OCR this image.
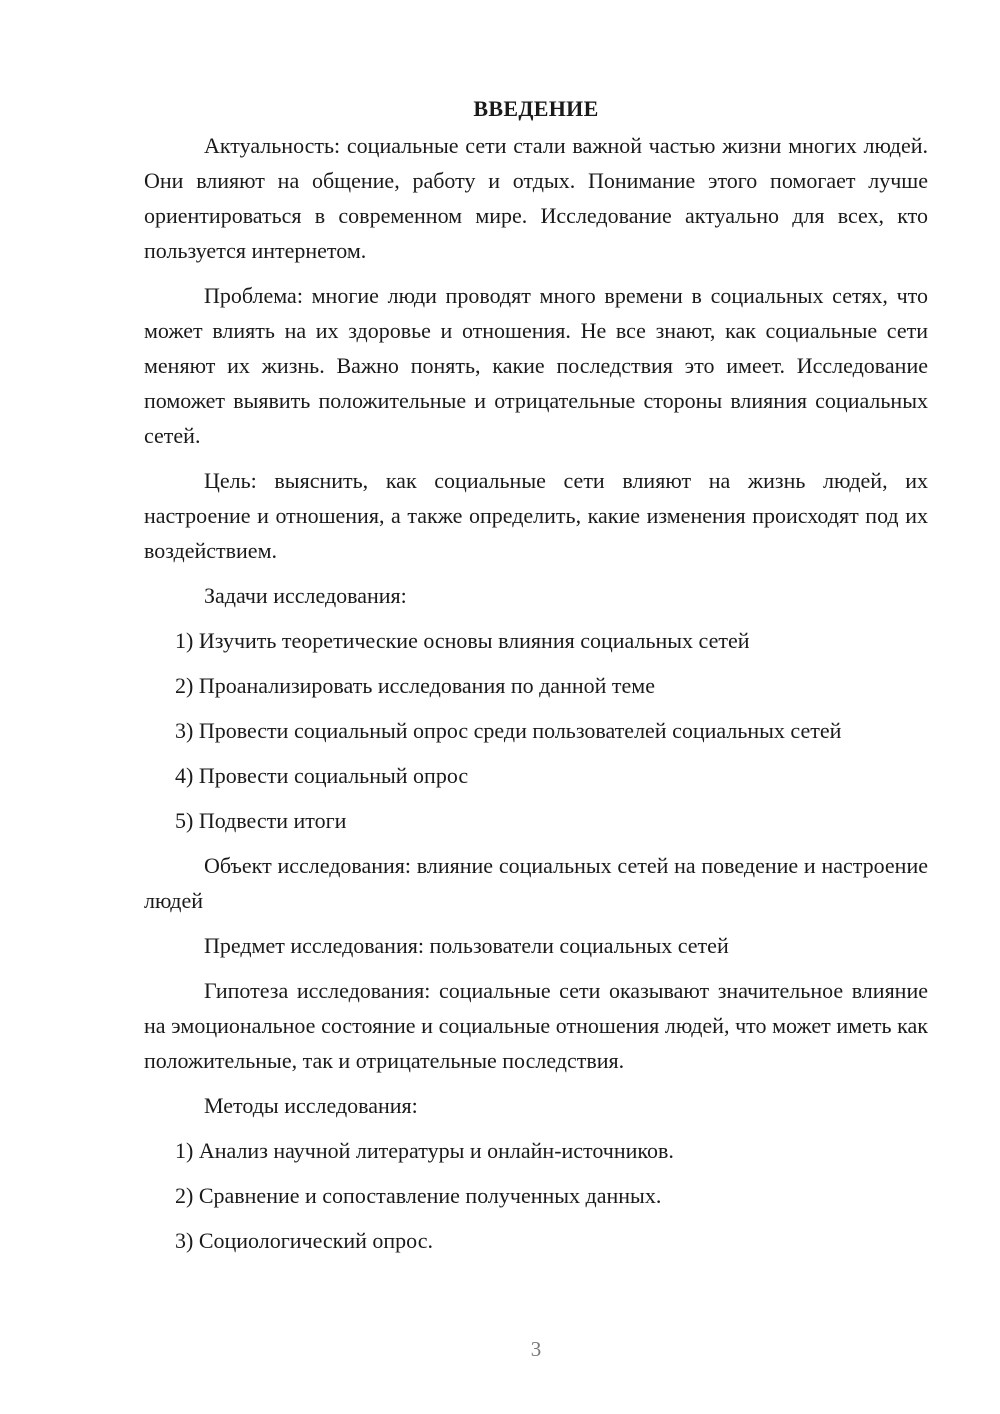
ВВЕДЕНИЕ

Актуальность: социальные сети стали важной частью жизни многих людей. Они влияют на общение, работу и отдых. Понимание этого помогает лучше ориентироваться в современном мире. Исследование актуально для всех, кто пользуется интернетом.

Проблема: многие люди проводят много времени в социальных сетях, что может влиять на их здоровье и отношения. Не все знают, как социальные сети меняют их жизнь. Важно понять, какие последствия это имеет. Исследование поможет выявить положительные и отрицательные стороны влияния социальных сетей.

Цель: выяснить, как социальные сети влияют на жизнь людей, их настроение и отношения, а также определить, какие изменения происходят под их воздействием.

Задачи исследования:

1) Изучить теоретические основы влияния социальных сетей

2) Проанализировать исследования по данной теме

3) Провести социальный опрос среди пользователей социальных сетей

4) Провести социальный опрос

5) Подвести итоги

Объект исследования: влияние социальных сетей на поведение и настроение людей

Предмет исследования: пользователи социальных сетей

Гипотеза исследования: социальные сети оказывают значительное влияние на эмоциональное состояние и социальные отношения людей, что может иметь как положительные, так и отрицательные последствия.

Методы исследования:

1) Анализ научной литературы и онлайн-источников.

2) Сравнение и сопоставление полученных данных.

3) Социологический опрос.

3
